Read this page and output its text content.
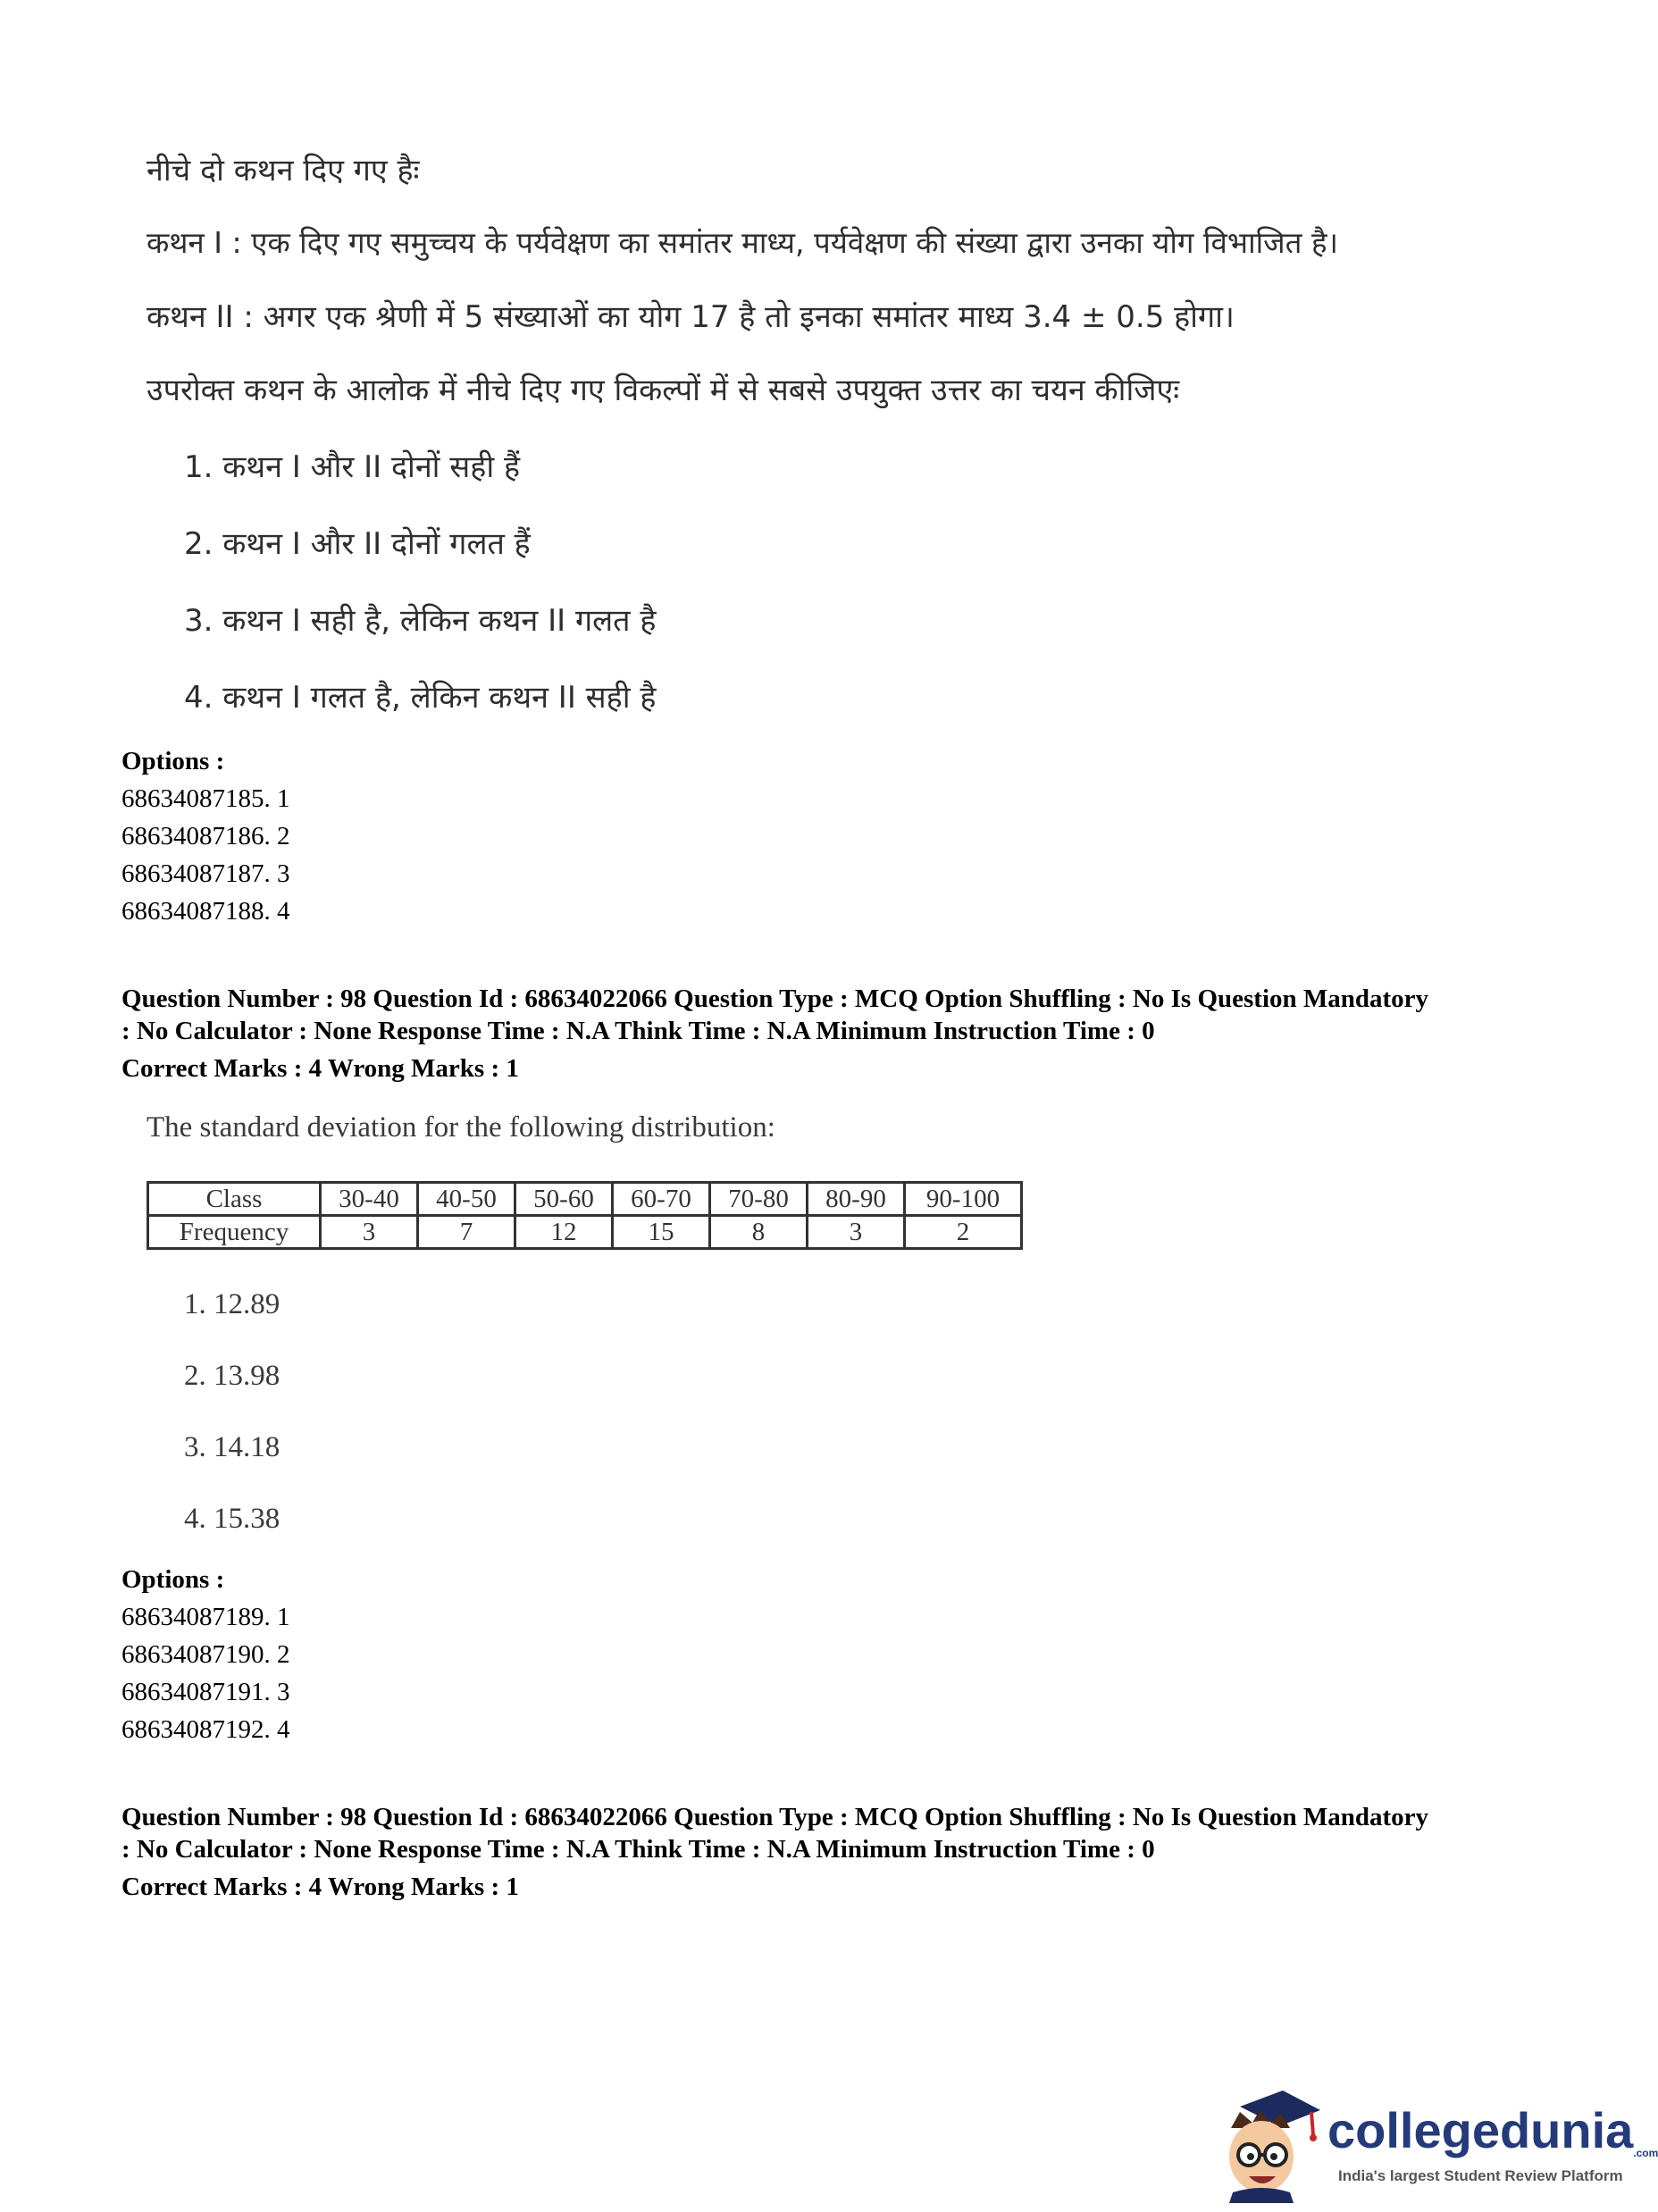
नीचे दो कथन दिए गए हैः
कथन I : एक दिए गए समुच्चय के पर्यवेक्षण का समांतर माध्य, पर्यवेक्षण की संख्या द्वारा उनका योग विभाजित है।
कथन II : अगर एक श्रेणी में 5 संख्याओं का योग 17 है तो इनका समांतर माध्य 3.4 ± 0.5 होगा।
उपरोक्त कथन के आलोक में नीचे दिए गए विकल्पों में से सबसे उपयुक्त उत्तर का चयन कीजिएः
1. कथन I और II दोनों सही हैं
2. कथन I और II दोनों गलत हैं
3. कथन I सही है, लेकिन कथन II गलत है
4. कथन I गलत है, लेकिन कथन II सही है
Options :
68634087185. 1
68634087186. 2
68634087187. 3
68634087188. 4
Question Number : 98 Question Id : 68634022066 Question Type : MCQ Option Shuffling : No Is Question Mandatory
: No Calculator : None Response Time : N.A Think Time : N.A Minimum Instruction Time : 0
Correct Marks : 4 Wrong Marks : 1
The standard deviation for the following distribution:
Class	30-40	40-50	50-60	60-70	70-80	80-90	90-100
Frequency	3	7	12	15	8	3	2
1. 12.89
2. 13.98
3. 14.18
4. 15.38
Options :
68634087189. 1
68634087190. 2
68634087191. 3
68634087192. 4
Question Number : 98 Question Id : 68634022066 Question Type : MCQ Option Shuffling : No Is Question Mandatory
: No Calculator : None Response Time : N.A Think Time : N.A Minimum Instruction Time : 0
Correct Marks : 4 Wrong Marks : 1
collegedunia.com
India's largest Student Review Platform
